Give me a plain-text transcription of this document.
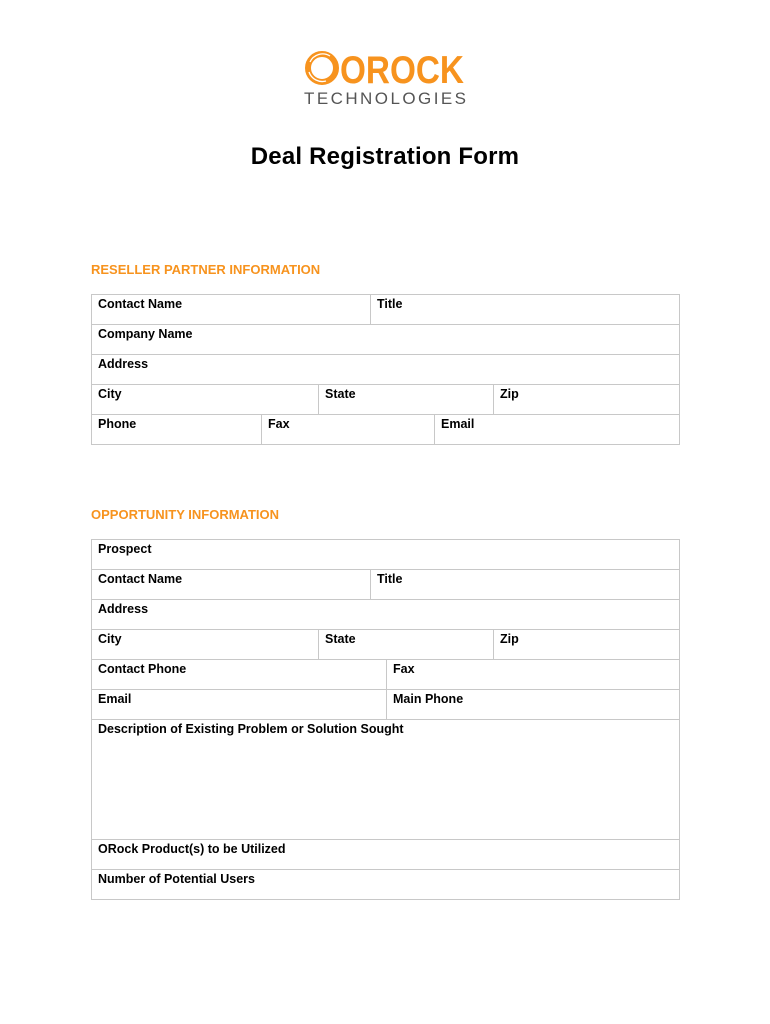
OROCK
TECHNOLOGIES
Deal Registration Form
RESELLER PARTNER INFORMATION
Contact Name	Title
Company Name
Address
City	State	Zip
Phone	Fax	Email
OPPORTUNITY INFORMATION
Prospect
Contact Name	Title
Address
City	State	Zip
Contact Phone	Fax
Email	Main Phone
Description of Existing Problem or Solution Sought
ORock Product(s) to be Utilized
Number of Potential Users
